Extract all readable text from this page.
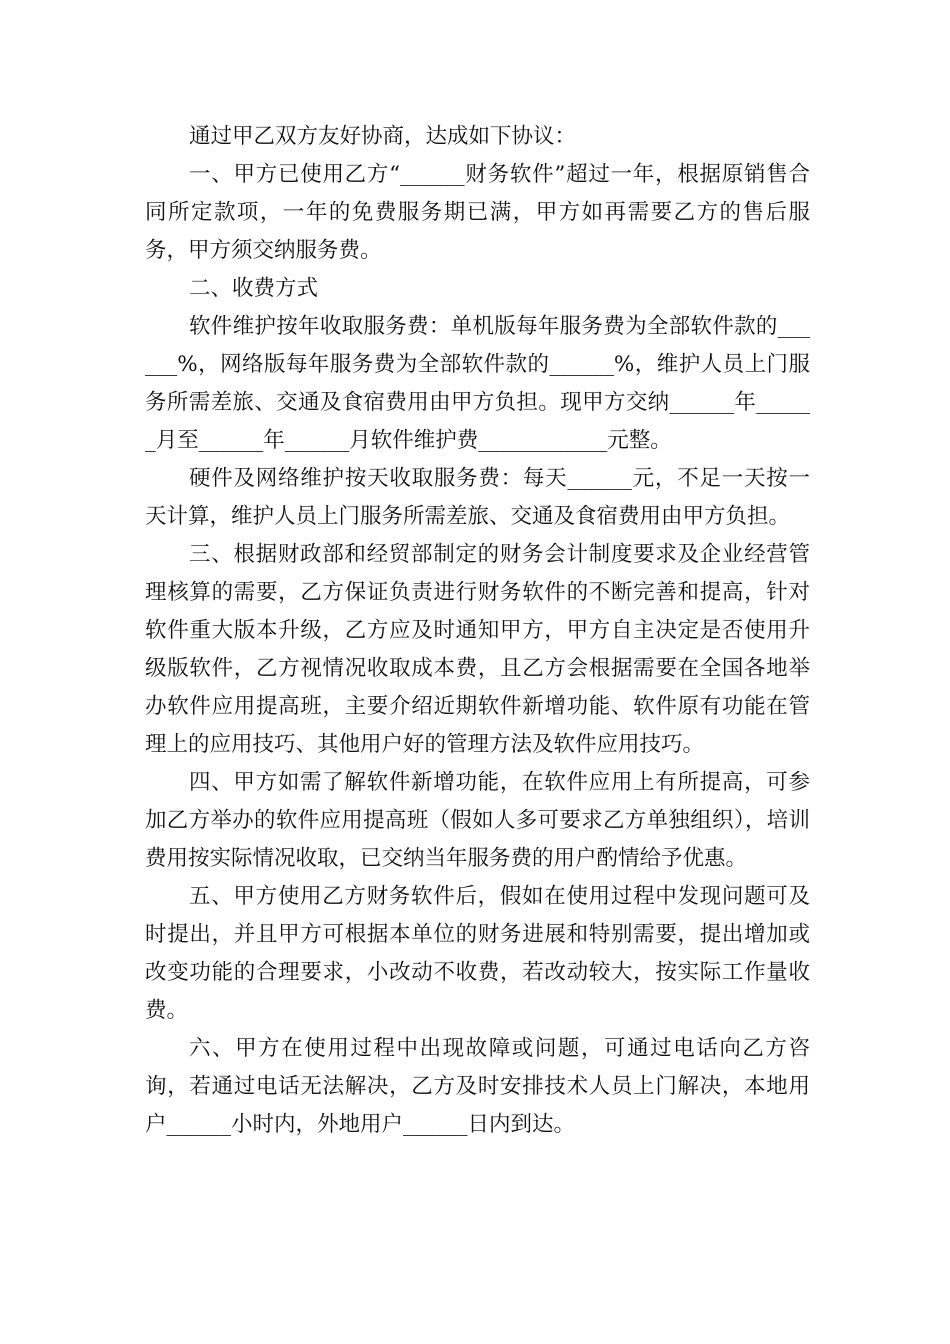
通过甲乙双方友好协商，达成如下协议：

一、甲方已使用乙方“______财务软件”超过一年，根据原销售合同所定款项，一年的免费服务期已满，甲方如再需要乙方的售后服务，甲方须交纳服务费。

二、收费方式

软件维护按年收取服务费：单机版每年服务费为全部软件款的______%，网络版每年服务费为全部软件款的______%，维护人员上门服务所需差旅、交通及食宿费用由甲方负担。现甲方交纳______年______月至______年______月软件维护费____________元整。

硬件及网络维护按天收取服务费：每天______元，不足一天按一天计算，维护人员上门服务所需差旅、交通及食宿费用由甲方负担。

三、根据财政部和经贸部制定的财务会计制度要求及企业经营管理核算的需要，乙方保证负责进行财务软件的不断完善和提高，针对软件重大版本升级，乙方应及时通知甲方，甲方自主决定是否使用升级版软件，乙方视情况收取成本费，且乙方会根据需要在全国各地举办软件应用提高班，主要介绍近期软件新增功能、软件原有功能在管理上的应用技巧、其他用户好的管理方法及软件应用技巧。

四、甲方如需了解软件新增功能，在软件应用上有所提高，可参加乙方举办的软件应用提高班（假如人多可要求乙方单独组织），培训费用按实际情况收取，已交纳当年服务费的用户酌情给予优惠。

五、甲方使用乙方财务软件后，假如在使用过程中发现问题可及时提出，并且甲方可根据本单位的财务进展和特别需要，提出增加或改变功能的合理要求，小改动不收费，若改动较大，按实际工作量收费。

六、甲方在使用过程中出现故障或问题，可通过电话向乙方咨询，若通过电话无法解决，乙方及时安排技术人员上门解决，本地用户______小时内，外地用户______日内到达。
